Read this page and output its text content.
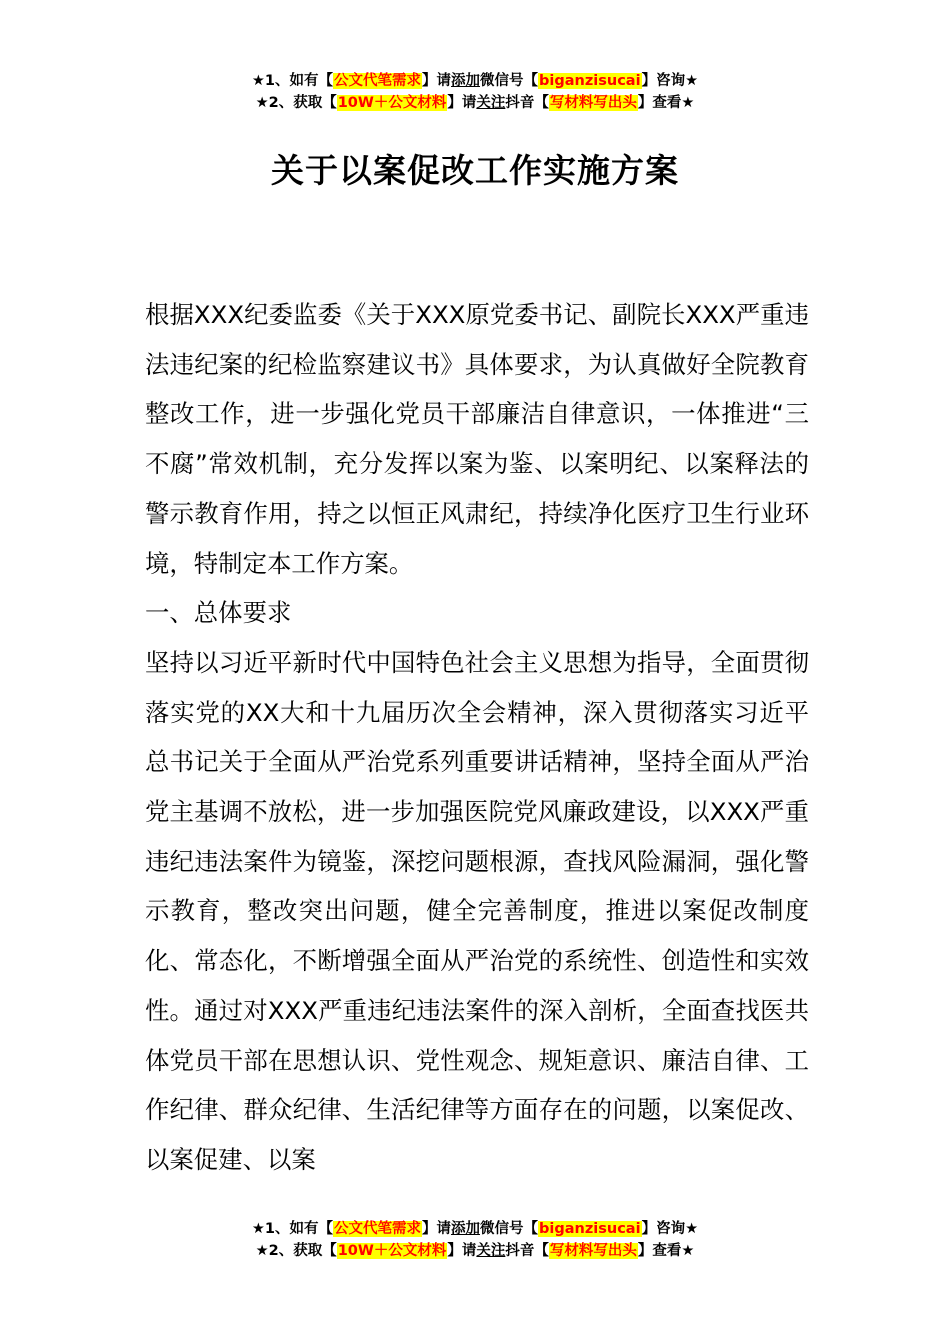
★1、如有【公文代笔需求】请添加微信号【biganzisucai】咨询★
★2、获取【10W＋公文材料】请关注抖音【写材料写出头】查看★
关于以案促改工作实施方案

根据XXX纪委监委《关于XXX原党委书记、副院长XXX严重违法违纪案的纪检监察建议书》具体要求，为认真做好全院教育整改工作，进一步强化党员干部廉洁自律意识，一体推进“三不腐”常效机制，充分发挥以案为鉴、以案明纪、以案释法的警示教育作用，持之以恒正风肃纪，持续净化医疗卫生行业环境，特制定本工作方案。

一、总体要求

坚持以习近平新时代中国特色社会主义思想为指导，全面贯彻落实党的XX大和十九届历次全会精神，深入贯彻落实习近平总书记关于全面从严治党系列重要讲话精神，坚持全面从严治党主基调不放松，进一步加强医院党风廉政建设，以XXX严重违纪违法案件为镜鉴，深挖问题根源，查找风险漏洞，强化警示教育，整改突出问题，健全完善制度，推进以案促改制度化、常态化，不断增强全面从严治党的系统性、创造性和实效性。通过对XXX严重违纪违法案件的深入剖析，全面查找医共体党员干部在思想认识、党性观念、规矩意识、廉洁自律、工作纪律、群众纪律、生活纪律等方面存在的问题，以案促改、以案促建、以案

★1、如有【公文代笔需求】请添加微信号【biganzisucai】咨询★
★2、获取【10W＋公文材料】请关注抖音【写材料写出头】查看★
